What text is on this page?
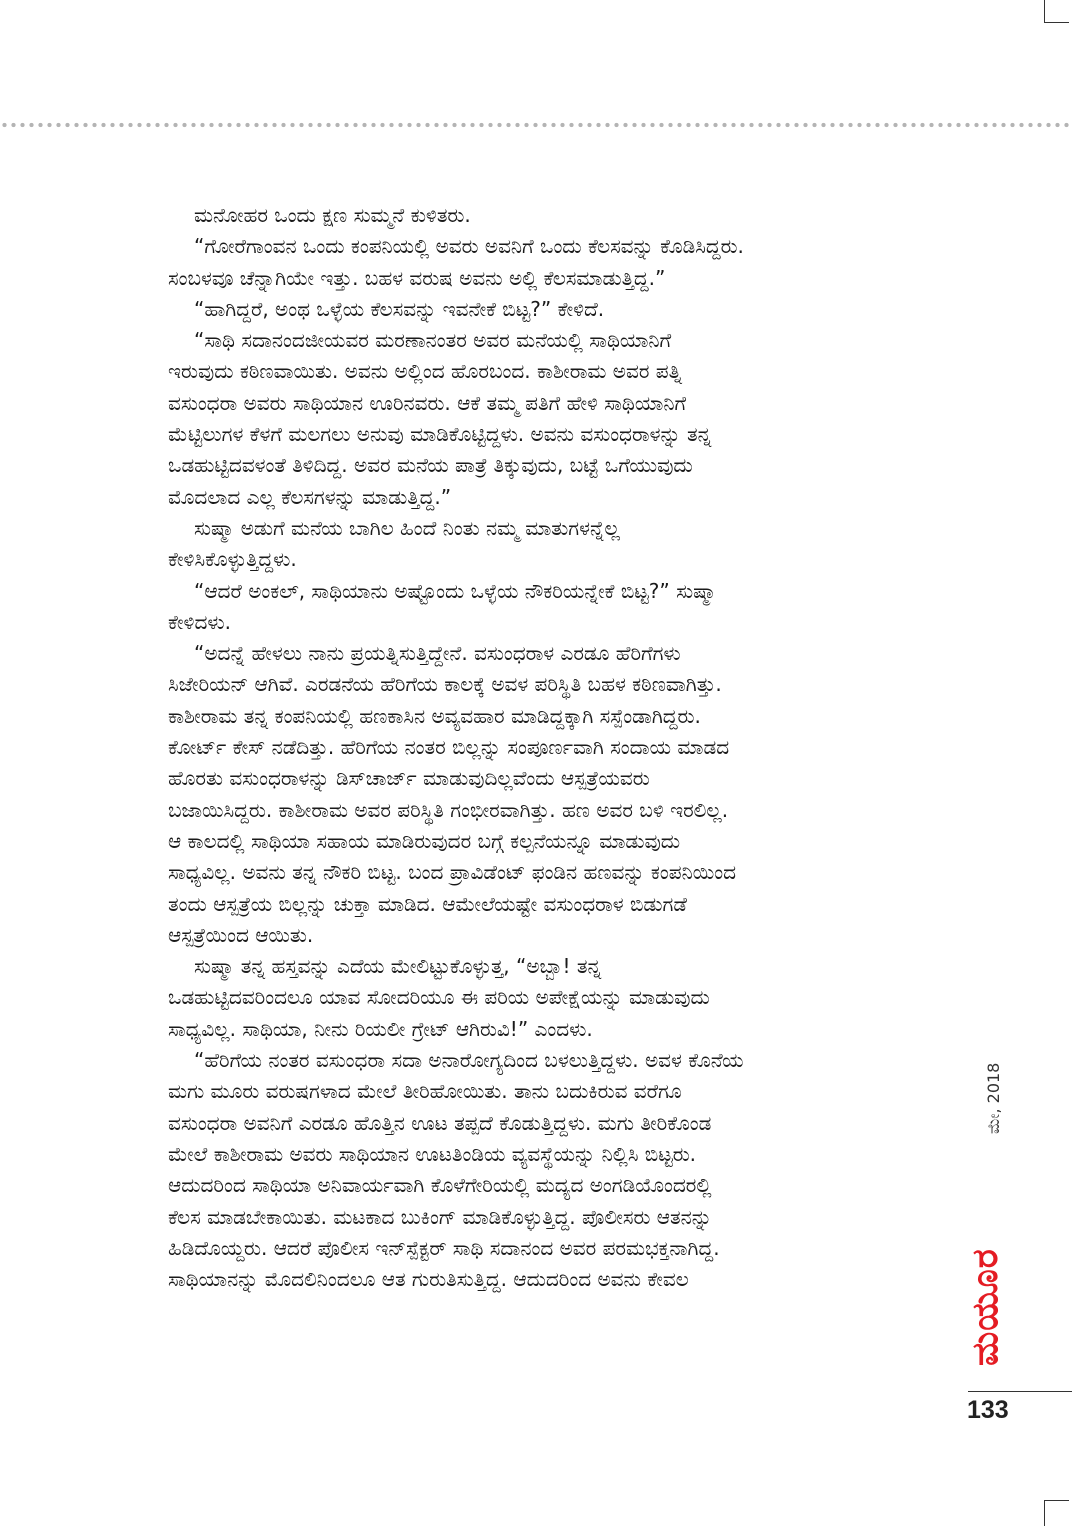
ಮನೋಹರ ಒಂದು ಕ್ಷಣ ಸುಮ್ಮನೆ ಕುಳಿತರು.
“ಗೋರೆಗಾಂವನ ಒಂದು ಕಂಪನಿಯಲ್ಲಿ ಅವರು ಅವನಿಗೆ ಒಂದು ಕೆಲಸವನ್ನು ಕೊಡಿಸಿದ್ದರು.
ಸಂಬಳವೂ ಚೆನ್ನಾಗಿಯೇ ಇತ್ತು. ಬಹಳ ವರುಷ ಅವನು ಅಲ್ಲಿ ಕೆಲಸಮಾಡುತ್ತಿದ್ದ.”
“ಹಾಗಿದ್ದರೆ, ಅಂಥ ಒಳ್ಳೆಯ ಕೆಲಸವನ್ನು ಇವನೇಕೆ ಬಿಟ್ಟ?” ಕೇಳಿದೆ.
“ಸಾಥಿ ಸದಾನಂದಜೀಯವರ ಮರಣಾನಂತರ ಅವರ ಮನೆಯಲ್ಲಿ ಸಾಥಿಯಾನಿಗೆ
ಇರುವುದು ಕಠಿಣವಾಯಿತು. ಅವನು ಅಲ್ಲಿಂದ ಹೊರಬಂದ. ಕಾಶೀರಾಮ ಅವರ ಪತ್ನಿ
ವಸುಂಧರಾ ಅವರು ಸಾಥಿಯಾನ ಊರಿನವರು. ಆಕೆ ತಮ್ಮ ಪತಿಗೆ ಹೇಳಿ ಸಾಥಿಯಾನಿಗೆ
ಮೆಟ್ಟಿಲುಗಳ ಕೆಳಗೆ ಮಲಗಲು ಅನುವು ಮಾಡಿಕೊಟ್ಟಿದ್ದಳು. ಅವನು ವಸುಂಧರಾಳನ್ನು ತನ್ನ
ಒಡಹುಟ್ಟಿದವಳಂತೆ ತಿಳಿದಿದ್ದ. ಅವರ ಮನೆಯ ಪಾತ್ರೆ ತಿಕ್ಕುವುದು, ಬಟ್ಟೆ ಒಗೆಯುವುದು
ಮೊದಲಾದ ಎಲ್ಲ ಕೆಲಸಗಳನ್ನು ಮಾಡುತ್ತಿದ್ದ.”
ಸುಷ್ಮಾ ಅಡುಗೆ ಮನೆಯ ಬಾಗಿಲ ಹಿಂದೆ ನಿಂತು ನಮ್ಮ ಮಾತುಗಳನ್ನೆಲ್ಲ
ಕೇಳಿಸಿಕೊಳ್ಳುತ್ತಿದ್ದಳು.
“ಆದರೆ ಅಂಕಲ್, ಸಾಥಿಯಾನು ಅಷ್ಟೊಂದು ಒಳ್ಳೆಯ ನೌಕರಿಯನ್ನೇಕೆ ಬಿಟ್ಟ?” ಸುಷ್ಮಾ
ಕೇಳಿದಳು.
“ಅದನ್ನೆ ಹೇಳಲು ನಾನು ಪ್ರಯತ್ನಿಸುತ್ತಿದ್ದೇನೆ. ವಸುಂಧರಾಳ ಎರಡೂ ಹೆರಿಗೆಗಳು
ಸಿಜೇರಿಯನ್ ಆಗಿವೆ. ಎರಡನೆಯ ಹೆರಿಗೆಯ ಕಾಲಕ್ಕೆ ಅವಳ ಪರಿಸ್ಥಿತಿ ಬಹಳ ಕಠಿಣವಾಗಿತ್ತು.
ಕಾಶೀರಾಮ ತನ್ನ ಕಂಪನಿಯಲ್ಲಿ ಹಣಕಾಸಿನ ಅವ್ಯವಹಾರ ಮಾಡಿದ್ದಕ್ಕಾಗಿ ಸಸ್ಪೆಂಡಾಗಿದ್ದರು.
ಕೋರ್ಟ್ ಕೇಸ್ ನಡೆದಿತ್ತು. ಹೆರಿಗೆಯ ನಂತರ ಬಿಲ್ಲನ್ನು ಸಂಪೂರ್ಣವಾಗಿ ಸಂದಾಯ ಮಾಡದ
ಹೊರತು ವಸುಂಧರಾಳನ್ನು ಡಿಸ್‌ಚಾರ್ಜ್ ಮಾಡುವುದಿಲ್ಲವೆಂದು ಆಸ್ಪತ್ರೆಯವರು
ಬಜಾಯಿಸಿದ್ದರು. ಕಾಶೀರಾಮ ಅವರ ಪರಿಸ್ಥಿತಿ ಗಂಭೀರವಾಗಿತ್ತು. ಹಣ ಅವರ ಬಳಿ ಇರಲಿಲ್ಲ.
ಆ ಕಾಲದಲ್ಲಿ ಸಾಥಿಯಾ ಸಹಾಯ ಮಾಡಿರುವುದರ ಬಗ್ಗೆ ಕಲ್ಪನೆಯನ್ನೂ ಮಾಡುವುದು
ಸಾಧ್ಯವಿಲ್ಲ. ಅವನು ತನ್ನ ನೌಕರಿ ಬಿಟ್ಟ. ಬಂದ ಪ್ರಾವಿಡೆಂಟ್ ಫಂಡಿನ ಹಣವನ್ನು ಕಂಪನಿಯಿಂದ
ತಂದು ಆಸ್ಪತ್ರೆಯ ಬಿಲ್ಲನ್ನು ಚುಕ್ತಾ ಮಾಡಿದ. ಆಮೇಲೆಯಷ್ಟೇ ವಸುಂಧರಾಳ ಬಿಡುಗಡೆ
ಆಸ್ಪತ್ರೆಯಿಂದ ಆಯಿತು.
ಸುಷ್ಮಾ ತನ್ನ ಹಸ್ತವನ್ನು ಎದೆಯ ಮೇಲಿಟ್ಟುಕೊಳ್ಳುತ್ತ, “ಅಬ್ಬಾ! ತನ್ನ
ಒಡಹುಟ್ಟಿದವರಿಂದಲೂ ಯಾವ ಸೋದರಿಯೂ ಈ ಪರಿಯ ಅಪೇಕ್ಷೆಯನ್ನು ಮಾಡುವುದು
ಸಾಧ್ಯವಿಲ್ಲ. ಸಾಥಿಯಾ, ನೀನು ರಿಯಲೀ ಗ್ರೇಟ್ ಆಗಿರುವಿ!” ಎಂದಳು.
“ಹೆರಿಗೆಯ ನಂತರ ವಸುಂಧರಾ ಸದಾ ಅನಾರೋಗ್ಯದಿಂದ ಬಳಲುತ್ತಿದ್ದಳು. ಅವಳ ಕೊನೆಯ
ಮಗು ಮೂರು ವರುಷಗಳಾದ ಮೇಲೆ ತೀರಿಹೋಯಿತು. ತಾನು ಬದುಕಿರುವ ವರೆಗೂ
ವಸುಂಧರಾ ಅವನಿಗೆ ಎರಡೂ ಹೊತ್ತಿನ ಊಟ ತಪ್ಪದೆ ಕೊಡುತ್ತಿದ್ದಳು. ಮಗು ತೀರಿಕೊಂಡ
ಮೇಲೆ ಕಾಶೀರಾಮ ಅವರು ಸಾಥಿಯಾನ ಊಟತಿಂಡಿಯ ವ್ಯವಸ್ಥೆಯನ್ನು ನಿಲ್ಲಿಸಿ ಬಿಟ್ಟರು.
ಆದುದರಿಂದ ಸಾಥಿಯಾ ಅನಿವಾರ್ಯವಾಗಿ ಕೊಳೆಗೇರಿಯಲ್ಲಿ ಮದ್ಯದ ಅಂಗಡಿಯೊಂದರಲ್ಲಿ
ಕೆಲಸ ಮಾಡಬೇಕಾಯಿತು. ಮಟಕಾದ ಬುಕಿಂಗ್ ಮಾಡಿಕೊಳ್ಳುತ್ತಿದ್ದ. ಪೊಲೀಸರು ಆತನನ್ನು
ಹಿಡಿದೊಯ್ದರು. ಆದರೆ ಪೊಲೀಸ ಇನ್‌ಸ್ಪೆಕ್ಟರ್ ಸಾಥಿ ಸದಾನಂದ ಅವರ ಪರಮಭಕ್ತನಾಗಿದ್ದ.
ಸಾಥಿಯಾನನ್ನು ಮೊದಲಿನಿಂದಲೂ ಆತ ಗುರುತಿಸುತ್ತಿದ್ದ. ಆದುದರಿಂದ ಅವನು ಕೇವಲ
ಮೇ, 2018
ಮಯೂರ
133
